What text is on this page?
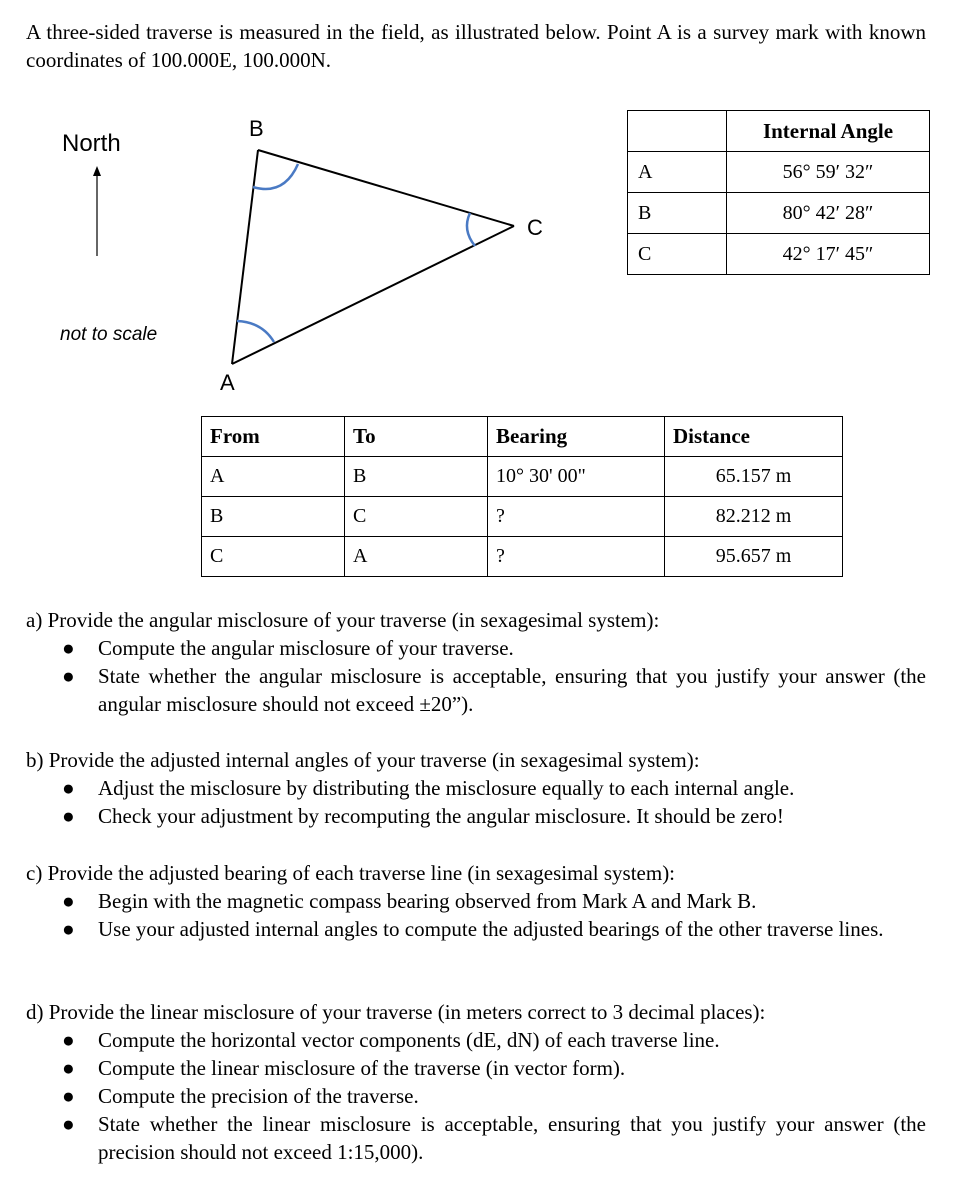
A three-sided traverse is measured in the field, as illustrated below. Point A is a survey mark with known coordinates of 100.000E, 100.000N.
North
not to scale
B
C
A
	Internal Angle
A	56° 59′ 32″
B	80° 42′ 28″
C	42° 17′ 45″
From	To	Bearing	Distance
A	B	10° 30' 00"	65.157 m
B	C	?	82.212 m
C	A	?	95.657 m
a) Provide the angular misclosure of your traverse (in sexagesimal system):
● Compute the angular misclosure of your traverse.
● State whether the angular misclosure is acceptable, ensuring that you justify your answer (the angular misclosure should not exceed ±20”).
b) Provide the adjusted internal angles of your traverse (in sexagesimal system):
● Adjust the misclosure by distributing the misclosure equally to each internal angle.
● Check your adjustment by recomputing the angular misclosure. It should be zero!
c) Provide the adjusted bearing of each traverse line (in sexagesimal system):
● Begin with the magnetic compass bearing observed from Mark A and Mark B.
● Use your adjusted internal angles to compute the adjusted bearings of the other traverse lines.
d) Provide the linear misclosure of your traverse (in meters correct to 3 decimal places):
● Compute the horizontal vector components (dE, dN) of each traverse line.
● Compute the linear misclosure of the traverse (in vector form).
● Compute the precision of the traverse.
● State whether the linear misclosure is acceptable, ensuring that you justify your answer (the precision should not exceed 1:15,000).
